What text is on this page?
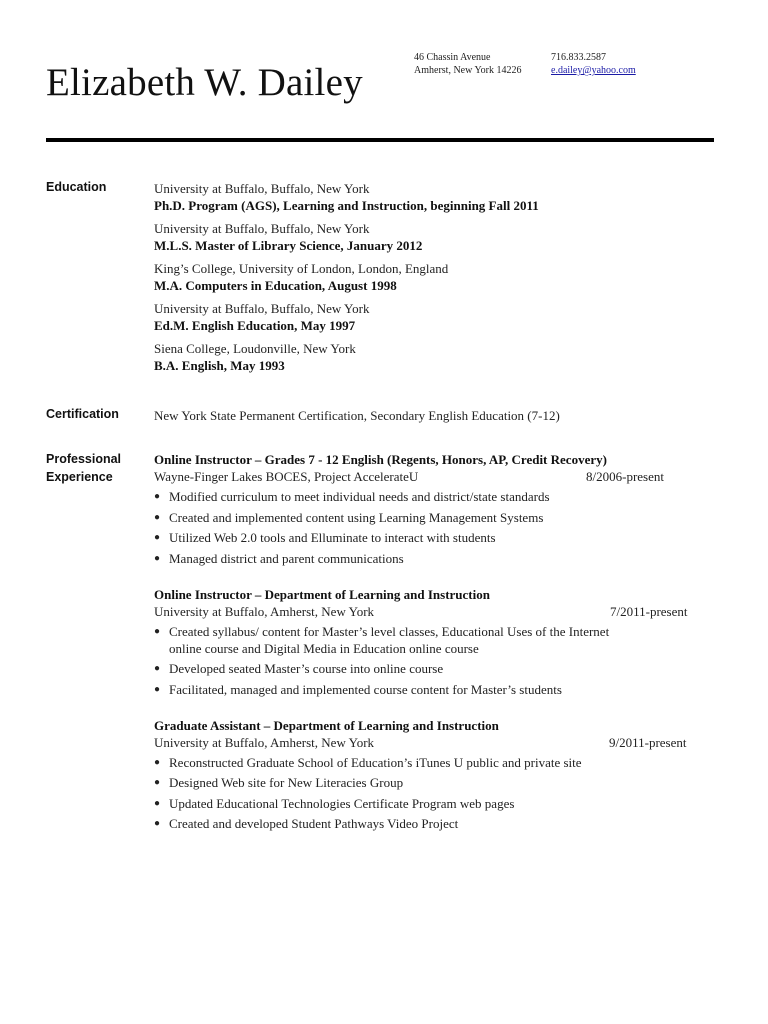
Elizabeth W. Dailey
46 Chassin Avenue
Amherst, New York 14226
716.833.2587
e.dailey@yahoo.com
Education	University at Buffalo, Buffalo, New York
Ph.D. Program (AGS), Learning and Instruction, beginning Fall 2011
University at Buffalo, Buffalo, New York
M.L.S. Master of Library Science, January 2012
King’s College, University of London, London, England
M.A. Computers in Education, August 1998
University at Buffalo, Buffalo, New York
Ed.M. English Education, May 1997
Siena College, Loudonville, New York
B.A. English, May 1993
Certification	New York State Permanent Certification, Secondary English Education (7-12)
Professional
Experience
Online Instructor – Grades 7 - 12 English (Regents, Honors, AP, Credit Recovery)
Wayne-Finger Lakes BOCES, Project AccelerateU	8/2006-present
● Modified curriculum to meet individual needs and district/state standards
● Created and implemented content using Learning Management Systems
● Utilized Web 2.0 tools and Elluminate to interact with students
● Managed district and parent communications
Online Instructor – Department of Learning and Instruction
University at Buffalo, Amherst, New York	7/2011-present
● Created syllabus/ content for Master’s level classes, Educational Uses of the Internet online course and Digital Media in Education online course
● Developed seated Master’s course into online course
● Facilitated, managed and implemented course content for Master’s students
Graduate Assistant – Department of Learning and Instruction
University at Buffalo, Amherst, New York	9/2011-present
● Reconstructed Graduate School of Education’s iTunes U public and private site
● Designed Web site for New Literacies Group
● Updated Educational Technologies Certificate Program web pages
● Created and developed Student Pathways Video Project
